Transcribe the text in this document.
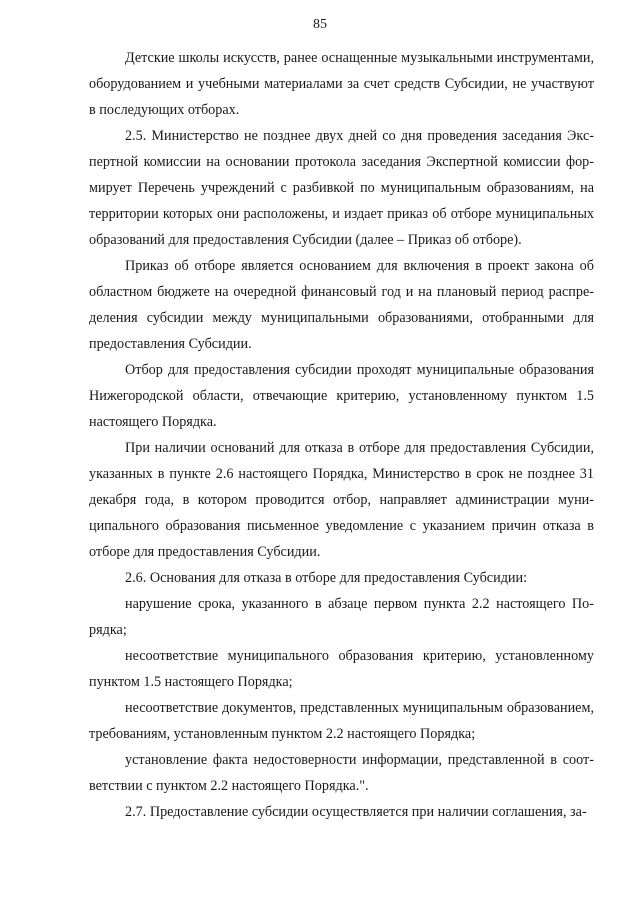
85

Детские школы искусств, ранее оснащенные музыкальными инструментами, оборудованием и учебными материалами за счет средств Субсидии, не участвуют в последующих отборах.

2.5. Министерство не позднее двух дней со дня проведения заседания Экспертной комиссии на основании протокола заседания Экспертной комиссии формирует Перечень учреждений с разбивкой по муниципальным образованиям, на территории которых они расположены, и издает приказ об отборе муниципальных образований для предоставления Субсидии (далее – Приказ об отборе).

Приказ об отборе является основанием для включения в проект закона об областном бюджете на очередной финансовый год и на плановый период распределения субсидии между муниципальными образованиями, отобранными для предоставления Субсидии.

Отбор для предоставления субсидии проходят муниципальные образования Нижегородской области, отвечающие критерию, установленному пунктом 1.5 настоящего Порядка.

При наличии оснований для отказа в отборе для предоставления Субсидии, указанных в пункте 2.6 настоящего Порядка, Министерство в срок не позднее 31 декабря года, в котором проводится отбор, направляет администрации муниципального образования письменное уведомление с указанием причин отказа в отборе для предоставления Субсидии.

2.6. Основания для отказа в отборе для предоставления Субсидии:

нарушение срока, указанного в абзаце первом пункта 2.2 настоящего Порядка;

несоответствие муниципального образования критерию, установленному пунктом 1.5 настоящего Порядка;

несоответствие документов, представленных муниципальным образованием, требованиям, установленным пунктом 2.2 настоящего Порядка;

установление факта недостоверности информации, представленной в соответствии с пунктом 2.2 настоящего Порядка.".

2.7. Предоставление субсидии осуществляется при наличии соглашения, за-
